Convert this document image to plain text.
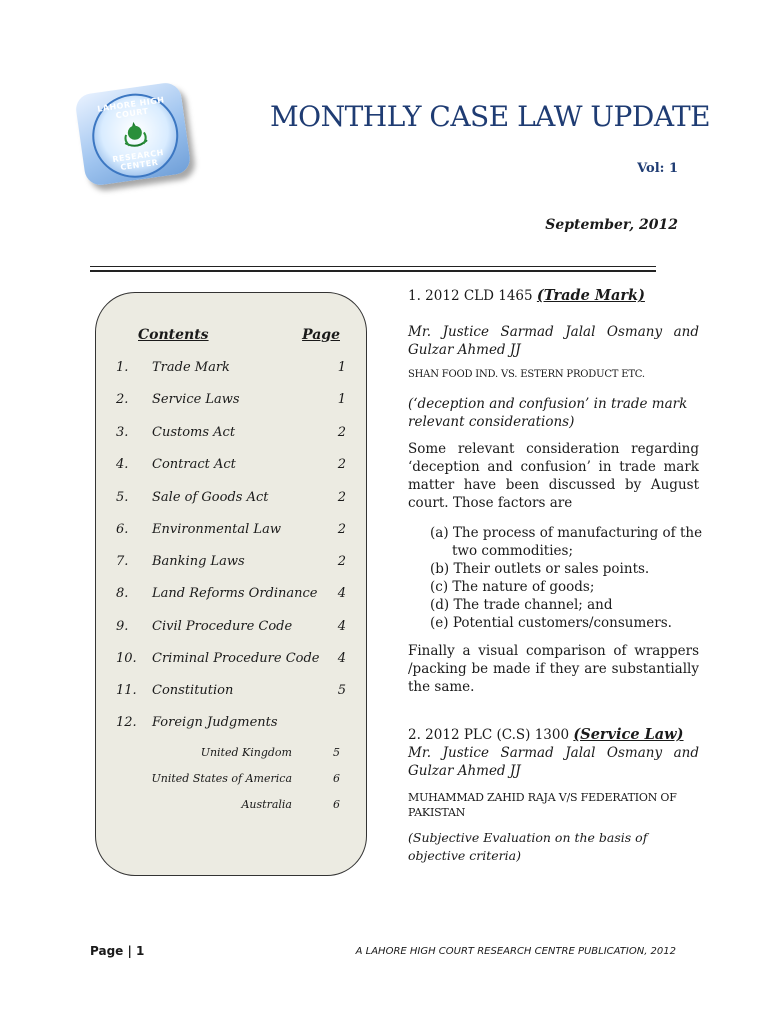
LAHORE HIGH COURT
RESEARCH CENTER
MONTHLY CASE LAW UPDATE
Vol: 1
September, 2012
Contents	Page
1. Trade Mark	1
2. Service Laws	1
3. Customs Act	2
4. Contract Act	2
5. Sale of Goods Act	2
6. Environmental Law	2
7. Banking Laws	2
8. Land Reforms Ordinance 4
9. Civil Procedure Code	4
10. Criminal Procedure Code 4
11. Constitution	5
12. Foreign Judgments
United Kingdom	5
United States of America	6
Australia	6
1. 2012 CLD 1465 (Trade Mark)
Mr. Justice Sarmad Jalal Osmany and Gulzar Ahmed JJ
SHAN FOOD IND. VS. ESTERN PRODUCT ETC.
(‘deception and confusion’ in trade mark relevant considerations)
Some relevant consideration regarding ‘deception and confusion’ in trade mark matter have been discussed by August court. Those factors are
(a) The process of manufacturing of the
two commodities;
(b) Their outlets or sales points.
(c) The nature of goods;
(d) The trade channel; and
(e) Potential customers/consumers.
Finally a visual comparison of wrappers /packing be made if they are substantially the same.
2. 2012 PLC (C.S) 1300 (Service Law)
Mr. Justice Sarmad Jalal Osmany and Gulzar Ahmed JJ
MUHAMMAD ZAHID RAJA V/S FEDERATION OF PAKISTAN
(Subjective Evaluation on the basis of objective criteria)
Page | 1	A LAHORE HIGH COURT RESEARCH CENTRE PUBLICATION, 2012
